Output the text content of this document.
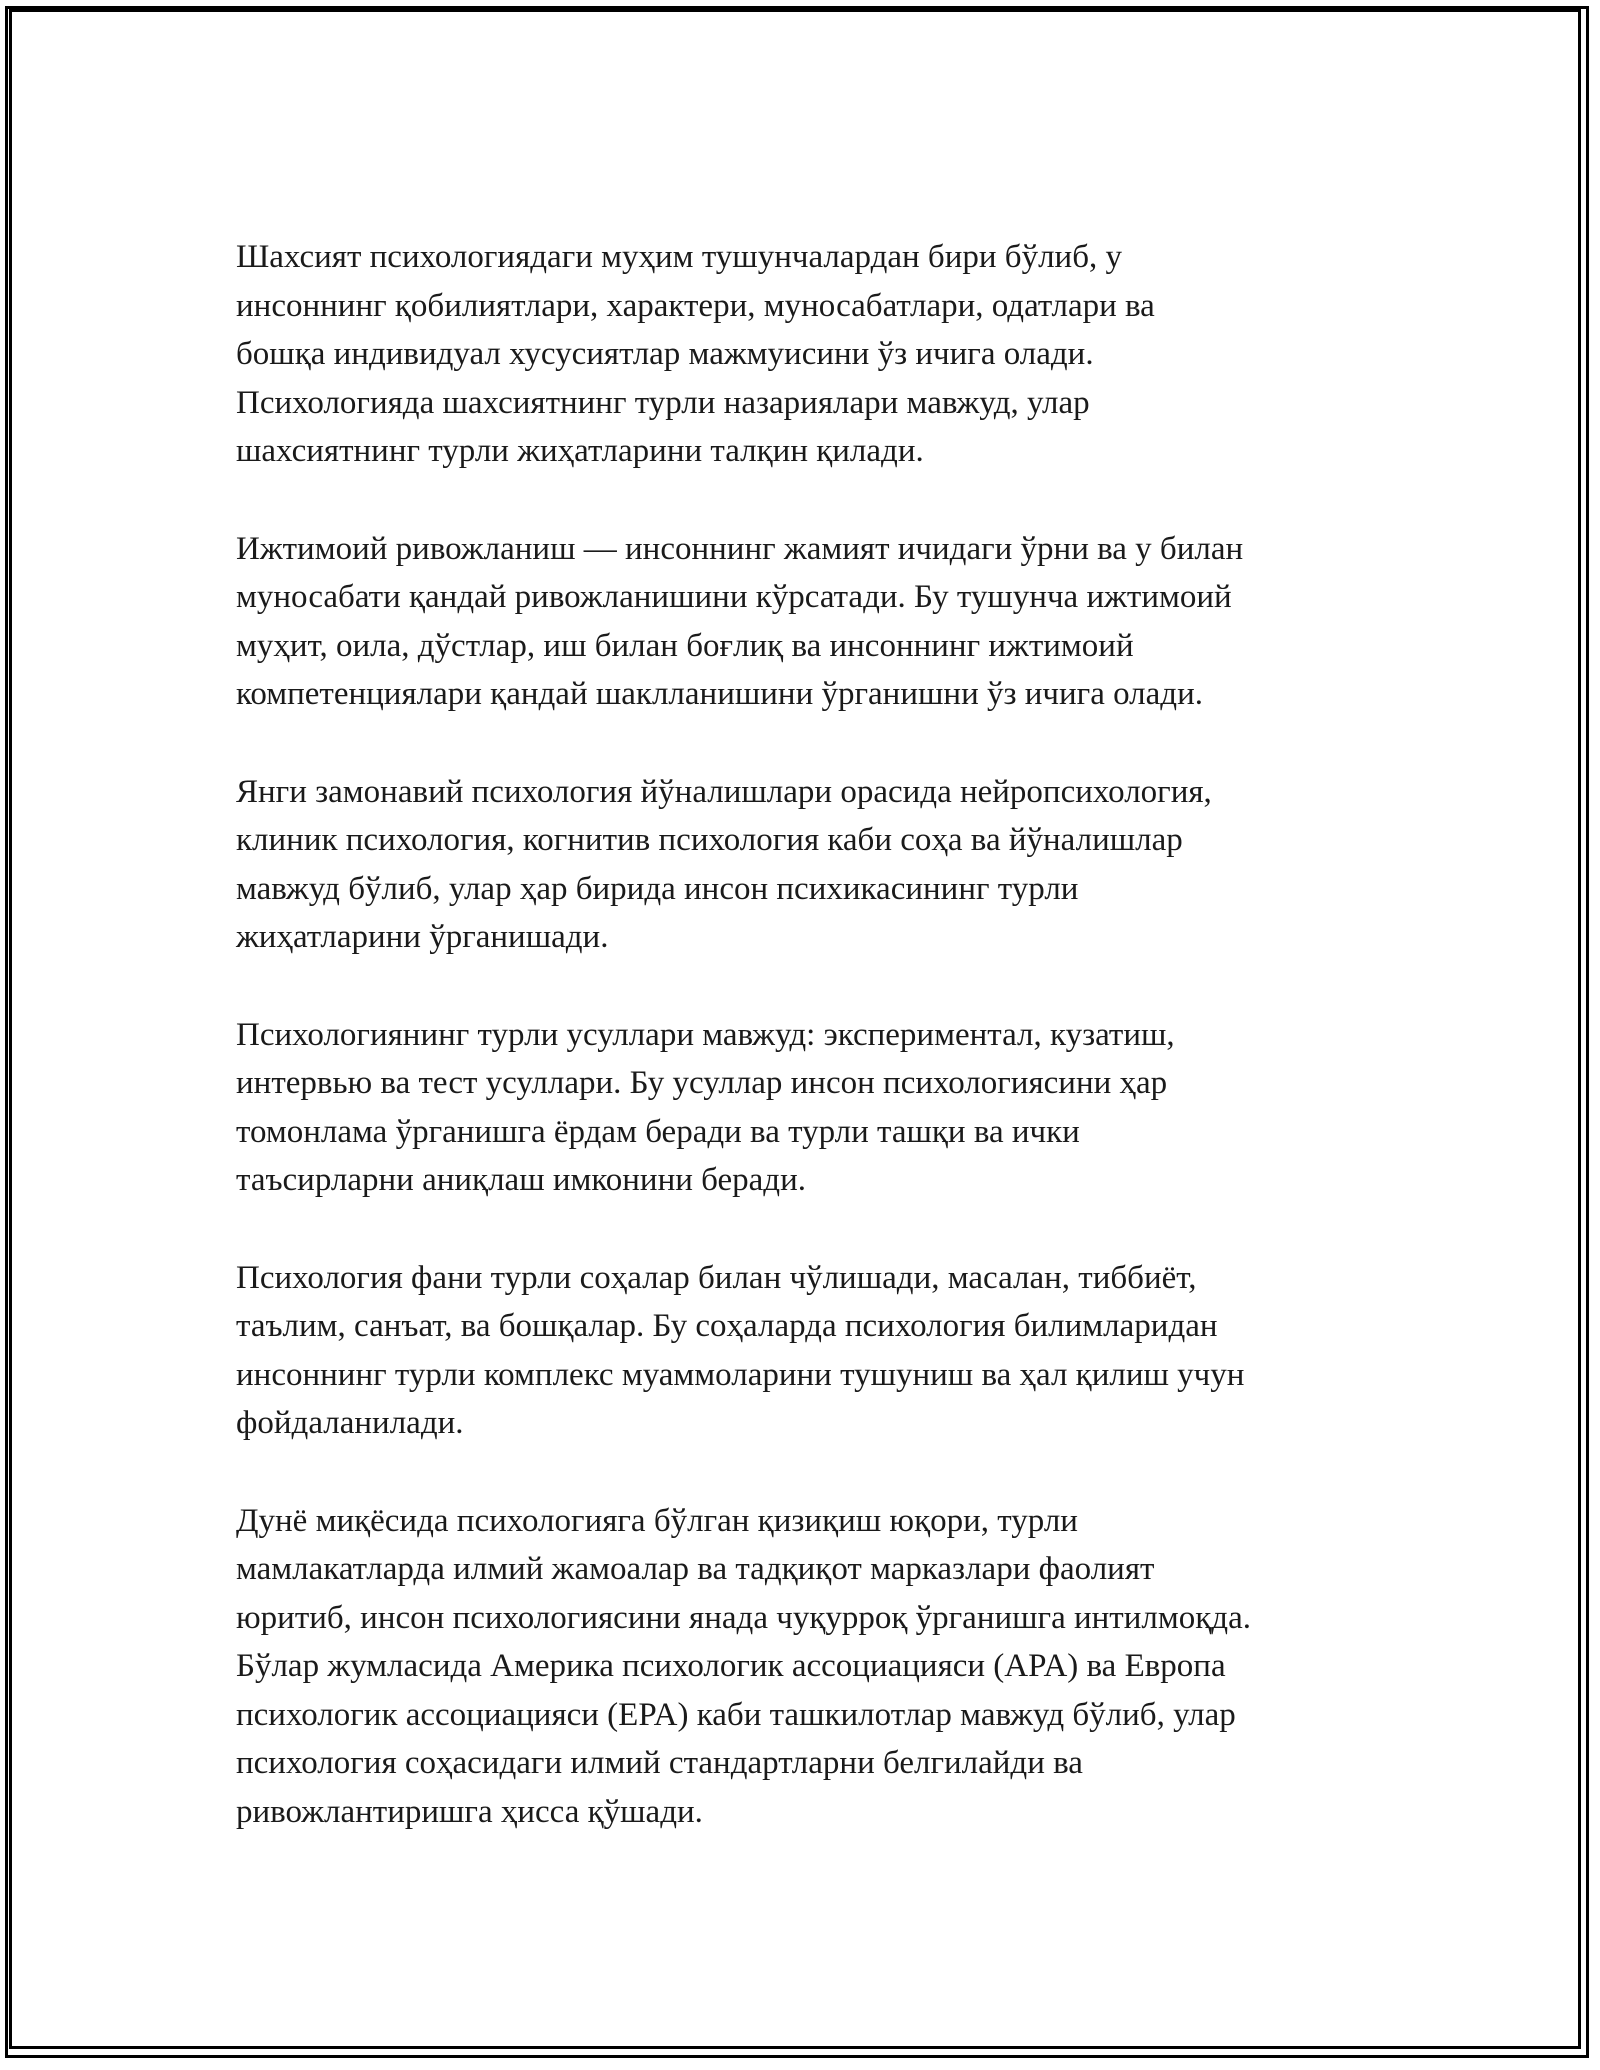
Шахсият психологиядаги муҳим тушунчалардан бири бўлиб, у
инсоннинг қобилиятлари, характери, муносабатлари, одатлари ва
бошқа индивидуал хусусиятлар мажмуисини ўз ичига олади.
Психологияда шахсиятнинг турли назариялари мавжуд, улар
шахсиятнинг турли жиҳатларини талқин қилади.

Ижтимоий ривожланиш — инсоннинг жамият ичидаги ўрни ва у билан
муносабати қандай ривожланишини кўрсатади. Бу тушунча ижтимоий
муҳит, оила, дўстлар, иш билан боғлиқ ва инсоннинг ижтимоий
компетенциялари қандай шаклланишини ўрганишни ўз ичига олади.

Янги замонавий психология йўналишлари орасида нейропсихология,
клиник психология, когнитив психология каби соҳа ва йўналишлар
мавжуд бўлиб, улар ҳар бирида инсон психикасининг турли
жиҳатларини ўрганишади.

Психологиянинг турли усуллари мавжуд: экспериментал, кузатиш,
интервью ва тест усуллари. Бу усуллар инсон психологиясини ҳар
томонлама ўрганишга ёрдам беради ва турли ташқи ва ички
таъсирларни аниқлаш имконини беради.

Психология фани турли соҳалар билан чўлишади, масалан, тиббиёт,
таълим, санъат, ва бошқалар. Бу соҳаларда психология билимларидан
инсоннинг турли комплекс муаммоларини тушуниш ва ҳал қилиш учун
фойдаланилади.

Дунё миқёсида психологияга бўлган қизиқиш юқори, турли
мамлакатларда илмий жамоалар ва тадқиқот марказлари фаолият
юритиб, инсон психологиясини янада чуқурроқ ўрганишга интилмоқда.
Бўлар жумласида Америка психологик ассоциацияси (APA) ва Европа
психологик ассоциацияси (EPA) каби ташкилотлар мавжуд бўлиб, улар
психология соҳасидаги илмий стандартларни белгилайди ва
ривожлантиришга ҳисса қўшади.
